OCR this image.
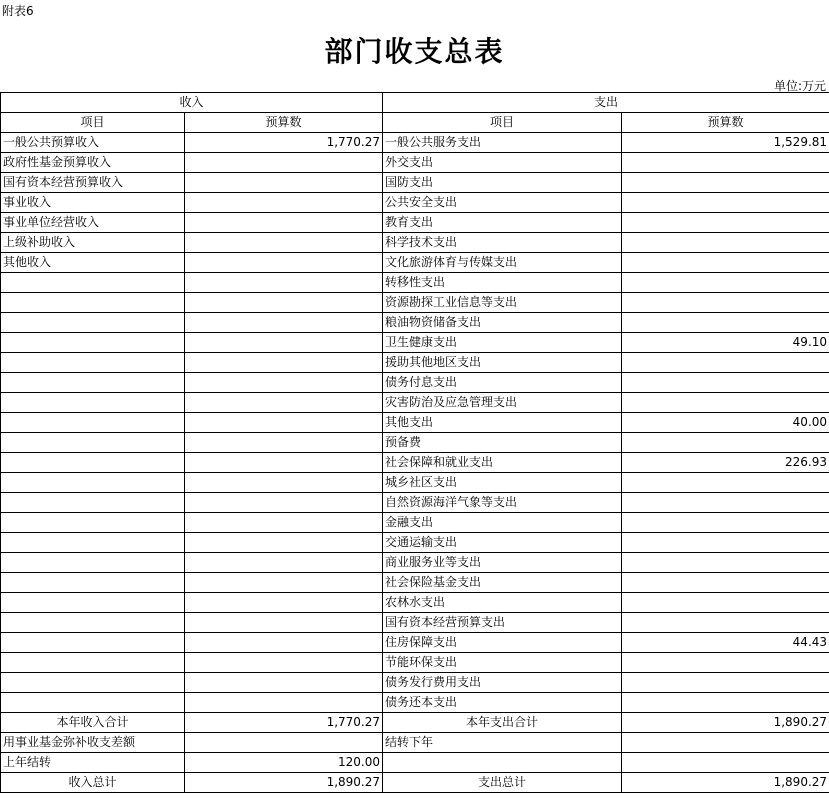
附表6
部门收支总表
单位:万元
收入		支出	
项目	预算数	项目	预算数
一般公共预算收入	1,770.27	一般公共服务支出	1,529.81
政府性基金预算收入		外交支出	
国有资本经营预算收入		国防支出	
事业收入		公共安全支出	
事业单位经营收入		教育支出	
上级补助收入		科学技术支出	
其他收入		文化旅游体育与传媒支出	
		转移性支出	
		资源勘探工业信息等支出	
		粮油物资储备支出	
		卫生健康支出	49.10
		援助其他地区支出	
		债务付息支出	
		灾害防治及应急管理支出	
		其他支出	40.00
		预备费	
		社会保障和就业支出	226.93
		城乡社区支出	
		自然资源海洋气象等支出	
		金融支出	
		交通运输支出	
		商业服务业等支出	
		社会保险基金支出	
		农林水支出	
		国有资本经营预算支出	
		住房保障支出	44.43
		节能环保支出	
		债务发行费用支出	
		债务还本支出	
本年收入合计	1,770.27	本年支出合计	1,890.27
用事业基金弥补收支差额		结转下年	
上年结转	120.00		
收入总计	1,890.27	支出总计	1,890.27
